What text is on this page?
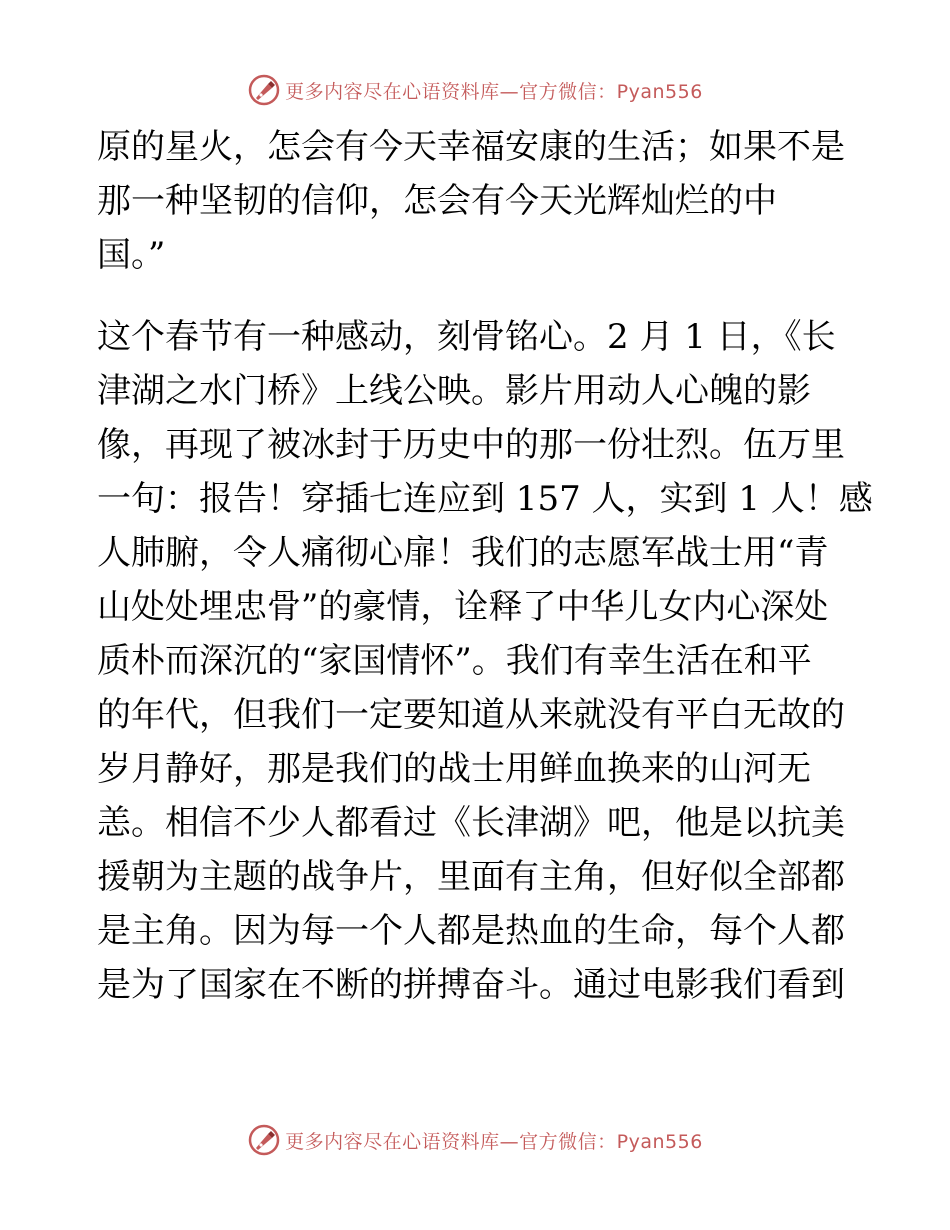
更多内容尽在心语资料库—官方微信：Pyan556
原的星火，怎会有今天幸福安康的生活；如果不是
那一种坚韧的信仰，怎会有今天光辉灿烂的中
国。”
这个春节有一种感动，刻骨铭心。2 月 1 日，《长
津湖之水门桥》上线公映。影片用动人心魄的影
像，再现了被冰封于历史中的那一份壮烈。伍万里
一句：报告！穿插七连应到 157 人，实到 1 人！感
人肺腑，令人痛彻心扉！我们的志愿军战士用“青
山处处埋忠骨”的豪情，诠释了中华儿女内心深处
质朴而深沉的“家国情怀”。我们有幸生活在和平
的年代，但我们一定要知道从来就没有平白无故的
岁月静好，那是我们的战士用鲜血换来的山河无
恙。相信不少人都看过《长津湖》吧，他是以抗美
援朝为主题的战争片，里面有主角，但好似全部都
是主角。因为每一个人都是热血的生命，每个人都
是为了国家在不断的拼搏奋斗。通过电影我们看到
更多内容尽在心语资料库—官方微信：Pyan556
